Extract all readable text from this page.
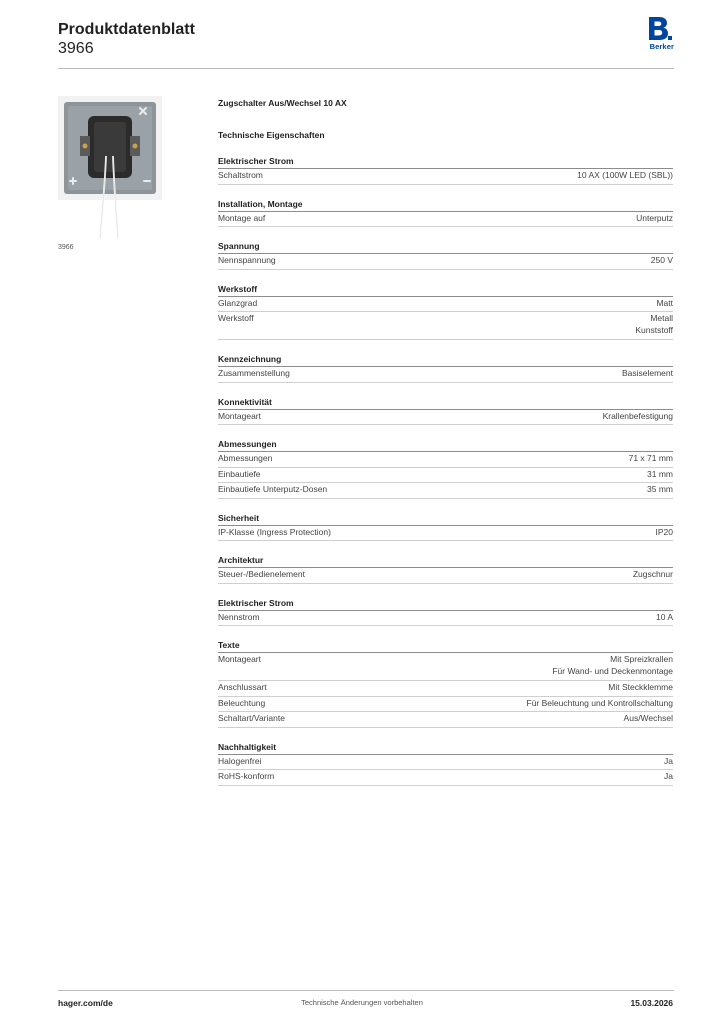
Produktdatenblatt
3966	Berker
3966
Zugschalter Aus/Wechsel 10 AX
Technische Eigenschaften
Elektrischer Strom
Schaltstrom	10 AX (100W LED (SBL))
Installation, Montage
Montage auf	Unterputz
Spannung
Nennspannung	250 V
Werkstoff
Glanzgrad	Matt
Werkstoff	Metall
Kunststoff
Kennzeichnung
Zusammenstellung	Basiselement
Konnektivität
Montageart	Krallenbefestigung
Abmessungen
Abmessungen	71 x 71 mm
Einbautiefe	31 mm
Einbautiefe Unterputz-Dosen	35 mm
Sicherheit
IP-Klasse (Ingress Protection)	IP20
Architektur
Steuer-/Bedienelement	Zugschnur
Elektrischer Strom
Nennstrom	10 A
Texte
Montageart	Mit Spreizkrallen
Für Wand- und Deckenmontage
Anschlussart	Mit Steckklemme
Beleuchtung	Für Beleuchtung und Kontrollschaltung
Schaltart/Variante	Aus/Wechsel
Nachhaltigkeit
Halogenfrei	Ja
RoHS-konform	Ja
Technische Änderungen vorbehalten
hager.com/de	15.03.2026
